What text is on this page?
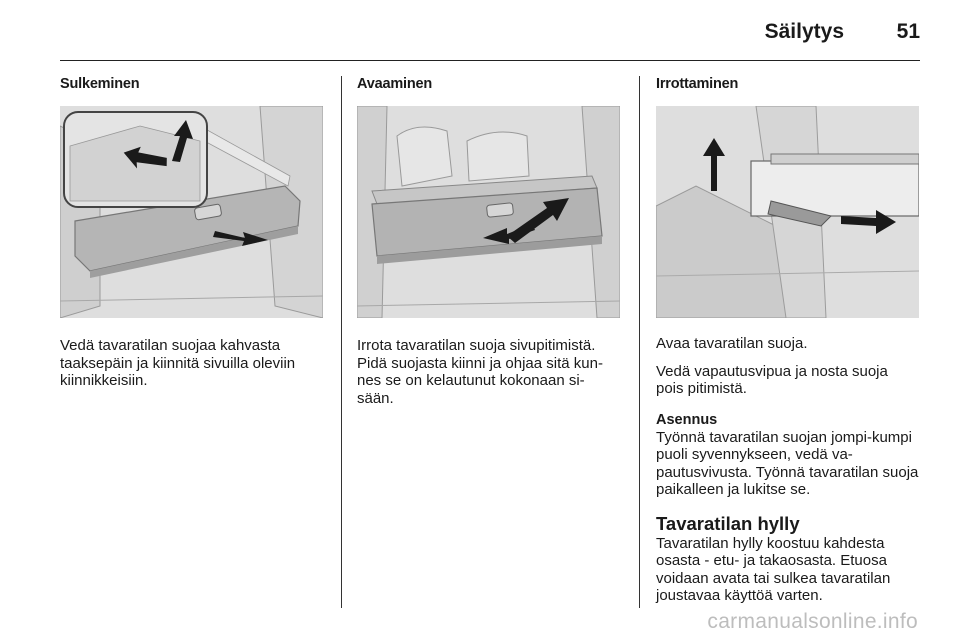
Säilytys	51
Sulkeminen

Vedä tavaratilan suojaa kahvasta taaksepäin ja kiinnitä sivuilla oleviin kiinnikkeisiin.

Avaaminen

Irrota tavaratilan suoja sivupitimistä. Pidä suojasta kiinni ja ohjaa sitä kun-nes se on kelautunut kokonaan si-sään.

Irrottaminen

Avaa tavaratilan suoja.

Vedä vapautusvipua ja nosta suoja pois pitimistä.

Asennus

Työnnä tavaratilan suojan jompi-kumpi puoli syvennykseen, vedä va-pautusvivusta. Työnnä tavaratilan suoja paikalleen ja lukitse se.

Tavaratilan hylly

Tavaratilan hylly koostuu kahdesta osasta - etu- ja takaosasta. Etuosa voidaan avata tai sulkea tavaratilan joustavaa käyttöä varten.

carmanualsonline.info
